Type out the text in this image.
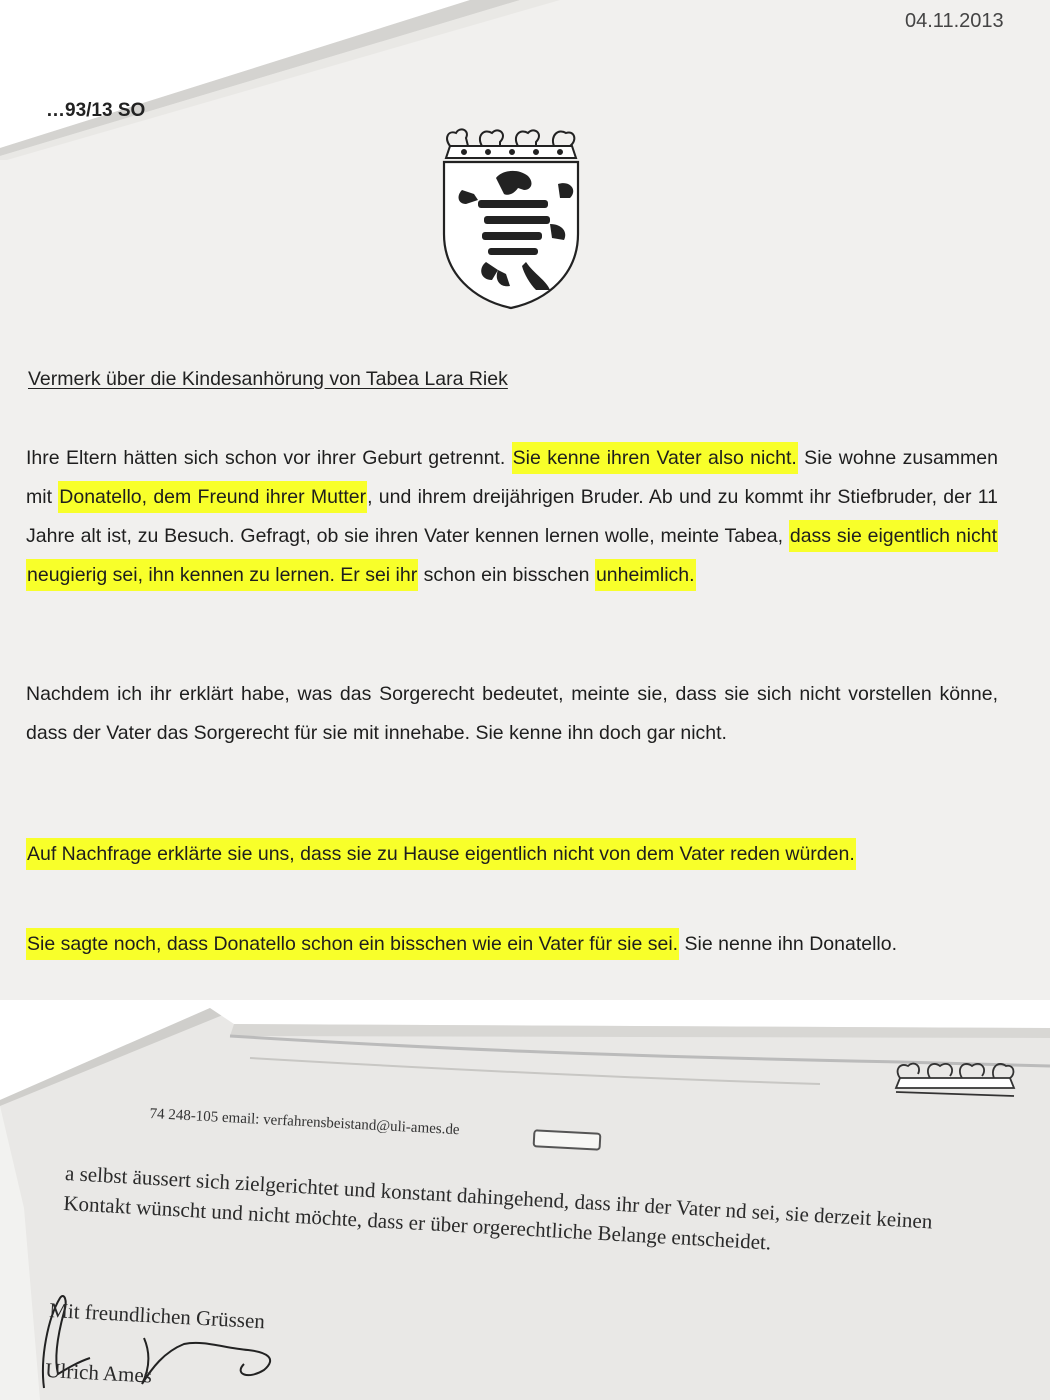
04.11.2013
…93/13 SO
Vermerk über die Kindesanhörung von Tabea Lara Riek

Ihre Eltern hätten sich schon vor ihrer Geburt getrennt. Sie kenne ihren Vater also nicht. Sie wohne zusammen mit Donatello, dem Freund ihrer Mutter, und ihrem dreijährigen Bruder. Ab und zu kommt ihr Stiefbruder, der 11 Jahre alt ist, zu Besuch. Gefragt, ob sie ihren Vater kennen lernen wolle, meinte Tabea, dass sie eigentlich nicht neugierig sei, ihn kennen zu lernen. Er sei ihr schon ein bisschen unheimlich.

Nachdem ich ihr erklärt habe, was das Sorgerecht bedeutet, meinte sie, dass sie sich nicht vorstellen könne, dass der Vater das Sorgerecht für sie mit innehabe. Sie kenne ihn doch gar nicht.

Auf Nachfrage erklärte sie uns, dass sie zu Hause eigentlich nicht von dem Vater reden würden.

Sie sagte noch, dass Donatello schon ein bisschen wie ein Vater für sie sei. Sie nenne ihn Donatello.

74 248-105 email: verfahrensbeistand@uli-ames.de

a selbst äussert sich zielgerichtet und konstant dahingehend, dass ihr der Vater nd sei, sie derzeit keinen Kontakt wünscht und nicht möchte, dass er über orgerechtliche Belange entscheidet.

Mit freundlichen Grüssen
Ulrich Ames
